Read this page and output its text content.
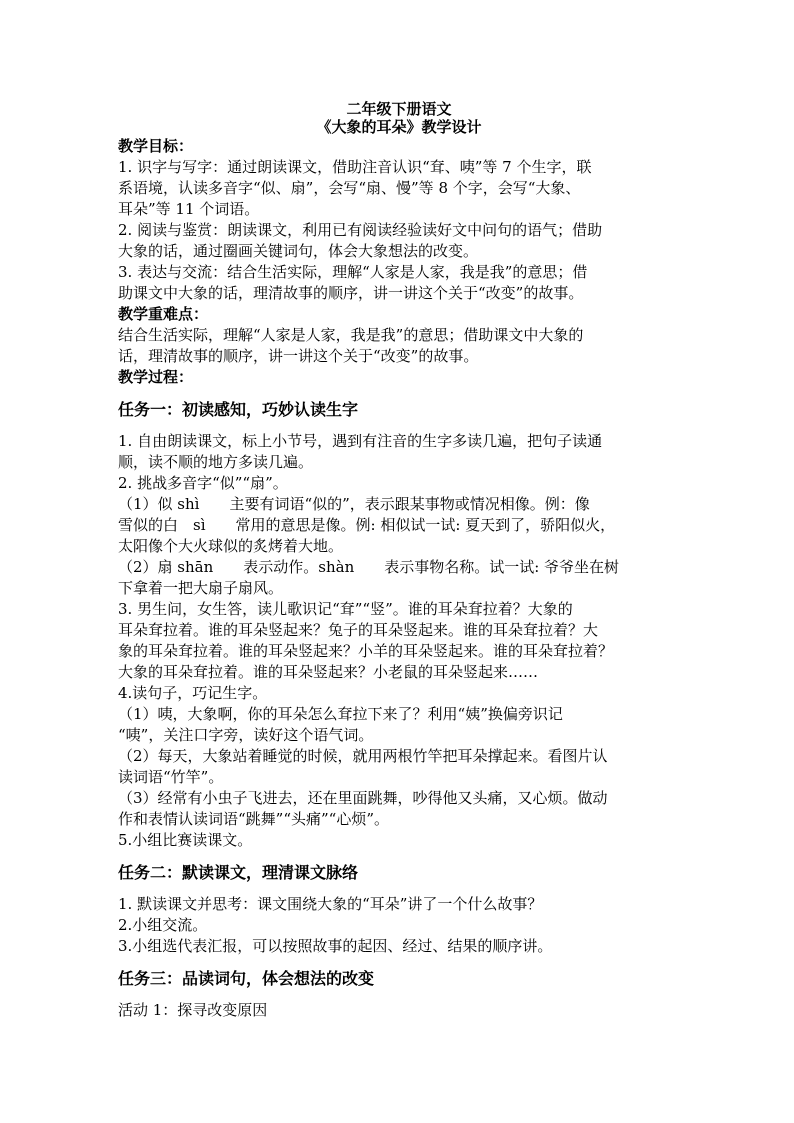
二年级下册语文
《大象的耳朵》教学设计
教学目标：
1. 识字与写字：通过朗读课文，借助注音认识“耷、咦”等 7 个生字，联
系语境，认读多音字“似、扇”，会写“扇、慢”等 8 个字，会写“大象、
耳朵”等 11 个词语。
2. 阅读与鉴赏：朗读课文，利用已有阅读经验读好文中问句的语气；借助
大象的话，通过圈画关键词句，体会大象想法的改变。
3. 表达与交流：结合生活实际，理解“人家是人家，我是我”的意思；借
助课文中大象的话，理清故事的顺序，讲一讲这个关于“改变”的故事。
教学重难点：
结合生活实际，理解“人家是人家，我是我”的意思；借助课文中大象的
话，理清故事的顺序，讲一讲这个关于“改变”的故事。
教学过程：
任务一：初读感知，巧妙认读生字
1. 自由朗读课文，标上小节号，遇到有注音的生字多读几遍，把句子读通
顺，读不顺的地方多读几遍。
2. 挑战多音字“似”“扇”。
（1）似 shì　　主要有词语“似的”，表示跟某事物或情况相像。例：像
雪似的白　sì　　常用的意思是像。例: 相似试一试: 夏天到了，骄阳似火，
太阳像个大火球似的炙烤着大地。
（2）扇 shān　　表示动作。shàn　　表示事物名称。试一试: 爷爷坐在树
下拿着一把大扇子扇风。
3. 男生问，女生答，读儿歌识记“耷”“竖”。谁的耳朵耷拉着？大象的
耳朵耷拉着。谁的耳朵竖起来？兔子的耳朵竖起来。谁的耳朵耷拉着？大
象的耳朵耷拉着。谁的耳朵竖起来？小羊的耳朵竖起来。谁的耳朵耷拉着？
大象的耳朵耷拉着。谁的耳朵竖起来？小老鼠的耳朵竖起来……
4.读句子，巧记生字。
（1）咦，大象啊，你的耳朵怎么耷拉下来了？利用“姨”换偏旁识记
“咦”，关注口字旁，读好这个语气词。
（2）每天，大象站着睡觉的时候，就用两根竹竿把耳朵撑起来。看图片认
读词语“竹竿”。
（3）经常有小虫子飞进去，还在里面跳舞，吵得他又头痛，又心烦。做动
作和表情认读词语“跳舞”“头痛”“心烦”。
5.小组比赛读课文。
任务二：默读课文，理清课文脉络
1. 默读课文并思考：课文围绕大象的“耳朵”讲了一个什么故事？
2.小组交流。
3.小组选代表汇报，可以按照故事的起因、经过、结果的顺序讲。
任务三：品读词句，体会想法的改变
活动 1：探寻改变原因
